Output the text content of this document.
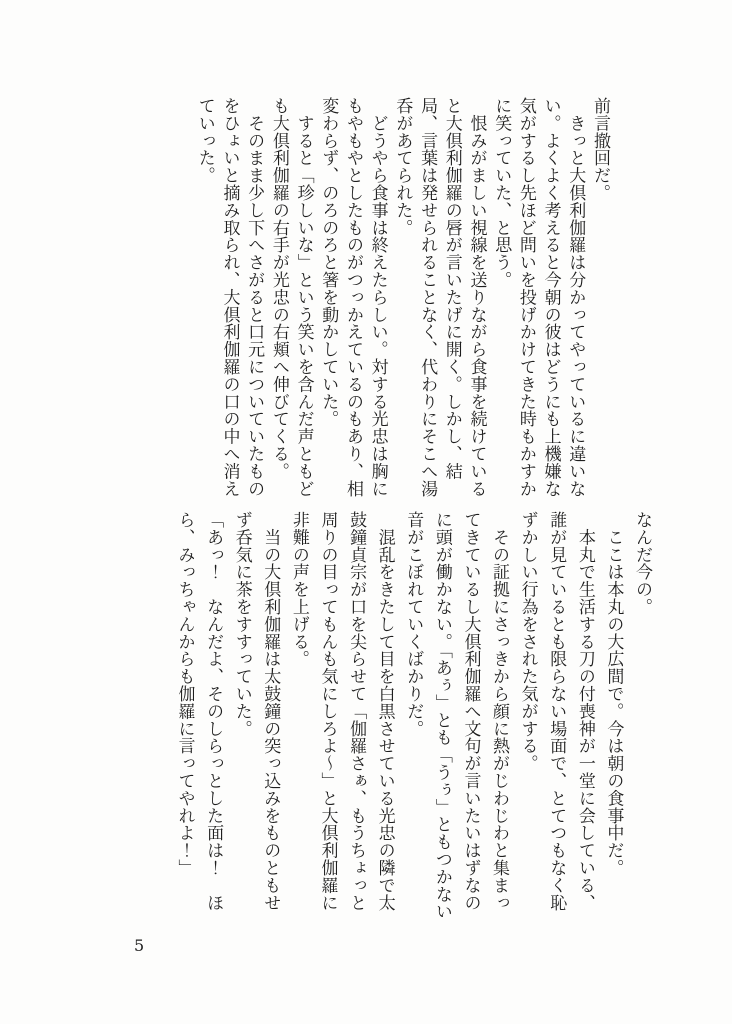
前言撤回だ。

　きっと大倶利伽羅は分かってやっているに違いない。よくよく考えると今朝の彼はどうにも上機嫌な気がするし先ほど問いを投げかけてきた時もかすかに笑っていた、と思う。

　恨みがましい視線を送りながら食事を続けていると大倶利伽羅の唇が言いたげに開く。しかし、結局、言葉は発せられることなく、代わりにそこへ湯呑があてられた。

　どうやら食事は終えたらしい。対する光忠は胸にもやもやとしたものがつっかえているのもあり、相変わらず、のろのろと箸を動かしていた。

　すると「珍しいな」という笑いを含んだ声ともども大倶利伽羅の右手が光忠の右頬へ伸びてくる。

　そのまま少し下へさがると口元についていたものをひょいと摘み取られ、大倶利伽羅の口の中へ消えていった。

なんだ今の。

　ここは本丸の大広間で。今は朝の食事中だ。

　本丸で生活する刀の付喪神が一堂に会している、誰が見ているとも限らない場面で、とてつもなく恥ずかしい行為をされた気がする。

　その証拠にさっきから顔に熱がじわじわと集まってきているし大倶利伽羅へ文句が言いたいはずなのに頭が働かない。「あぅ」とも「うぅ」ともつかない音がこぼれていくばかりだ。

　混乱をきたして目を白黒させている光忠の隣で太鼓鐘貞宗が口を尖らせて「伽羅さぁ、もうちょっと周りの目ってもんも気にしろよ〜」と大倶利伽羅に非難の声を上げる。

　当の大倶利伽羅は太鼓鐘の突っ込みをものともせず呑気に茶をすすっていた。

「あっ！　なんだよ、そのしらっとした面は！　ほら、みっちゃんからも伽羅に言ってやれよ！」

5
